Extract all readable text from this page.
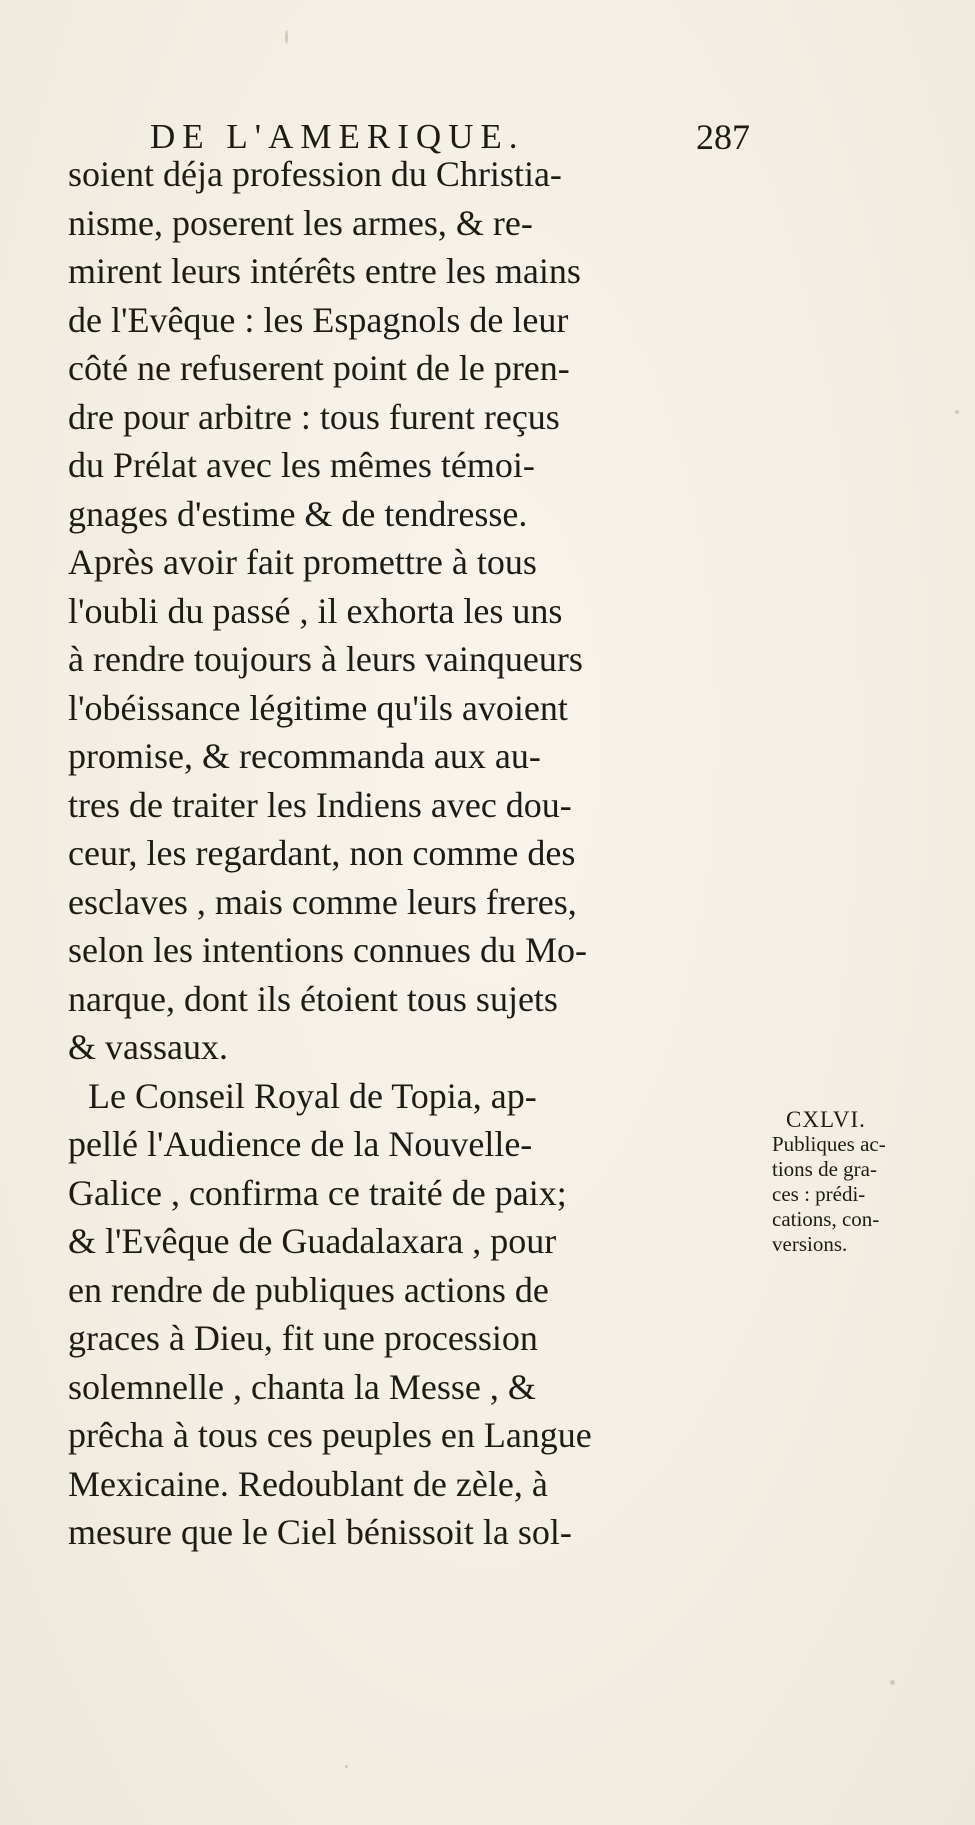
DE L'AMERIQUE.	287
soient déja profession du Christia-
nisme, poserent les armes, & re-
mirent leurs intérêts entre les mains
de l'Evêque : les Espagnols de leur
côté ne refuserent point de le pren-
dre pour arbitre : tous furent reçus
du Prélat avec les mêmes témoi-
gnages d'estime & de tendresse.
Après avoir fait promettre à tous
l'oubli du passé , il exhorta les uns
à rendre toujours à leurs vainqueurs
l'obéissance légitime qu'ils avoient
promise, & recommanda aux au-
tres de traiter les Indiens avec dou-
ceur, les regardant, non comme des
esclaves , mais comme leurs freres,
selon les intentions connues du Mo-
narque, dont ils étoient tous sujets
& vassaux.
Le Conseil Royal de Topia, ap-
pellé l'Audience de la Nouvelle-
Galice , confirma ce traité de paix;
& l'Evêque de Guadalaxara , pour
en rendre de publiques actions de
graces à Dieu, fit une procession
solemnelle , chanta la Messe , &
prêcha à tous ces peuples en Langue
Mexicaine. Redoublant de zèle, à
mesure que le Ciel bénissoit la sol-
CXLVI.
Publiques ac-
tions de gra-
ces : prédi-
cations, con-
versions.
